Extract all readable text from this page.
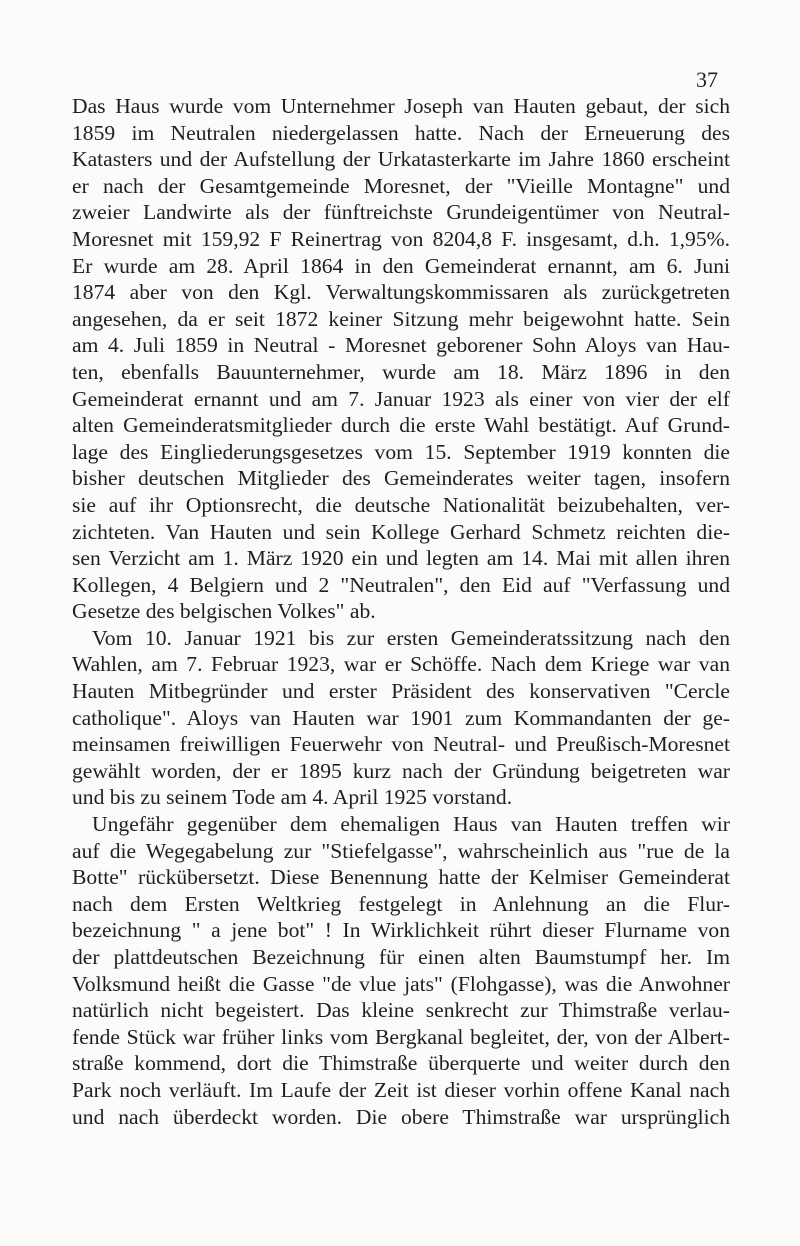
37
Das Haus wurde vom Unternehmer Joseph van Hauten gebaut, der sich
1859 im Neutralen niedergelassen hatte. Nach der Erneuerung des
Katasters und der Aufstellung der Urkatasterkarte im Jahre 1860 erscheint
er nach der Gesamtgemeinde Moresnet, der "Vieille Montagne" und
zweier Landwirte als der fünftreichste Grundeigentümer von Neutral-
Moresnet mit 159,92 F Reinertrag von 8204,8 F. insgesamt, d.h. 1,95%.
Er wurde am 28. April 1864 in den Gemeinderat ernannt, am 6. Juni
1874 aber von den Kgl. Verwaltungskommissaren als zurückgetreten
angesehen, da er seit 1872 keiner Sitzung mehr beigewohnt hatte. Sein
am 4. Juli 1859 in Neutral - Moresnet geborener Sohn Aloys van Hau-
ten, ebenfalls Bauunternehmer, wurde am 18. März 1896 in den
Gemeinderat ernannt und am 7. Januar 1923 als einer von vier der elf
alten Gemeinderatsmitglieder durch die erste Wahl bestätigt. Auf Grund-
lage des Eingliederungsgesetzes vom 15. September 1919 konnten die
bisher deutschen Mitglieder des Gemeinderates weiter tagen, insofern
sie auf ihr Optionsrecht, die deutsche Nationalität beizubehalten, ver-
zichteten. Van Hauten und sein Kollege Gerhard Schmetz reichten die-
sen Verzicht am 1. März 1920 ein und legten am 14. Mai mit allen ihren
Kollegen, 4 Belgiern und 2 "Neutralen", den Eid auf "Verfassung und
Gesetze des belgischen Volkes" ab.
Vom 10. Januar 1921 bis zur ersten Gemeinderatssitzung nach den
Wahlen, am 7. Februar 1923, war er Schöffe. Nach dem Kriege war van
Hauten Mitbegründer und erster Präsident des konservativen "Cercle
catholique". Aloys van Hauten war 1901 zum Kommandanten der ge-
meinsamen freiwilligen Feuerwehr von Neutral- und Preußisch-Moresnet
gewählt worden, der er 1895 kurz nach der Gründung beigetreten war
und bis zu seinem Tode am 4. April 1925 vorstand.
Ungefähr gegenüber dem ehemaligen Haus van Hauten treffen wir
auf die Wegegabelung zur "Stiefelgasse", wahrscheinlich aus "rue de la
Botte" rückübersetzt. Diese Benennung hatte der Kelmiser Gemeinderat
nach dem Ersten Weltkrieg festgelegt in Anlehnung an die Flur-
bezeichnung " a jene bot" ! In Wirklichkeit rührt dieser Flurname von
der plattdeutschen Bezeichnung für einen alten Baumstumpf her. Im
Volksmund heißt die Gasse "de vlue jats" (Flohgasse), was die Anwohner
natürlich nicht begeistert. Das kleine senkrecht zur Thimstraße verlau-
fende Stück war früher links vom Bergkanal begleitet, der, von der Albert-
straße kommend, dort die Thimstraße überquerte und weiter durch den
Park noch verläuft. Im Laufe der Zeit ist dieser vorhin offene Kanal nach
und nach überdeckt worden. Die obere Thimstraße war ursprünglich
